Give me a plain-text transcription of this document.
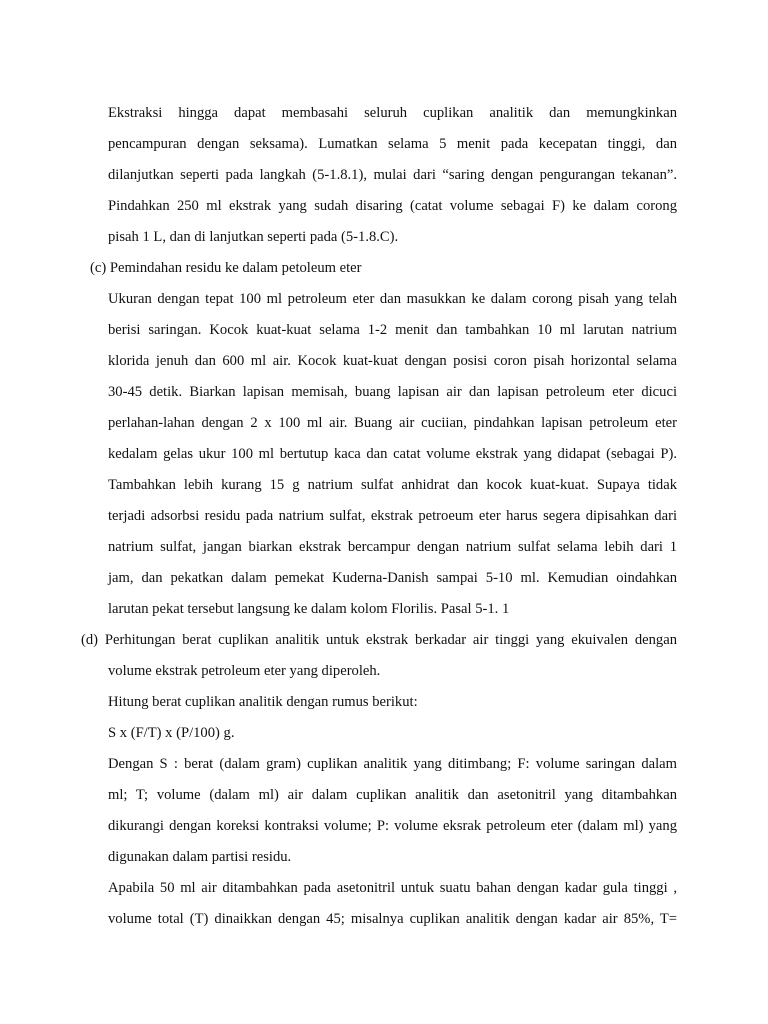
Ekstraksi hingga dapat membasahi seluruh cuplikan analitik dan memungkinkan
pencampuran dengan seksama). Lumatkan selama 5 menit pada kecepatan tinggi, dan
dilanjutkan seperti pada langkah (5-1.8.1), mulai dari “saring dengan pengurangan tekanan”.
Pindahkan 250 ml ekstrak yang sudah disaring (catat volume sebagai F) ke dalam corong
pisah 1 L, dan di lanjutkan seperti pada (5-1.8.C).
(c) Pemindahan residu ke dalam petoleum eter
Ukuran dengan tepat 100 ml petroleum eter dan masukkan ke dalam corong pisah yang telah
berisi saringan. Kocok kuat-kuat selama 1-2 menit dan tambahkan 10 ml larutan natrium
klorida jenuh dan 600 ml air. Kocok kuat-kuat dengan posisi coron pisah horizontal selama
30-45 detik. Biarkan lapisan memisah, buang lapisan air dan lapisan petroleum eter dicuci
perlahan-lahan dengan 2 x 100 ml air. Buang air cuciian, pindahkan lapisan petroleum eter
kedalam gelas ukur 100 ml bertutup kaca dan catat volume ekstrak yang didapat (sebagai P).
Tambahkan lebih kurang 15 g natrium sulfat anhidrat dan kocok kuat-kuat. Supaya tidak
terjadi adsorbsi residu pada natrium sulfat, ekstrak petroeum eter harus segera dipisahkan dari
natrium sulfat, jangan biarkan ekstrak bercampur dengan natrium sulfat selama lebih dari 1
jam, dan pekatkan dalam pemekat Kuderna-Danish sampai 5-10 ml. Kemudian oindahkan
larutan pekat tersebut langsung ke dalam kolom Florilis. Pasal 5-1. 1
(d) Perhitungan berat cuplikan analitik untuk ekstrak berkadar air tinggi yang ekuivalen dengan
volume ekstrak petroleum eter yang diperoleh.
Hitung berat cuplikan analitik dengan rumus berikut:
S x (F/T) x (P/100) g.
Dengan S : berat (dalam gram) cuplikan analitik yang ditimbang; F: volume saringan dalam
ml; T; volume (dalam ml) air dalam cuplikan analitik dan asetonitril yang ditambahkan
dikurangi dengan koreksi kontraksi volume; P: volume eksrak petroleum eter (dalam ml) yang
digunakan dalam partisi residu.
Apabila 50 ml air ditambahkan pada asetonitril untuk suatu bahan dengan kadar gula tinggi ,
volume total (T) dinaikkan dengan 45; misalnya cuplikan analitik dengan kadar air 85%, T=
